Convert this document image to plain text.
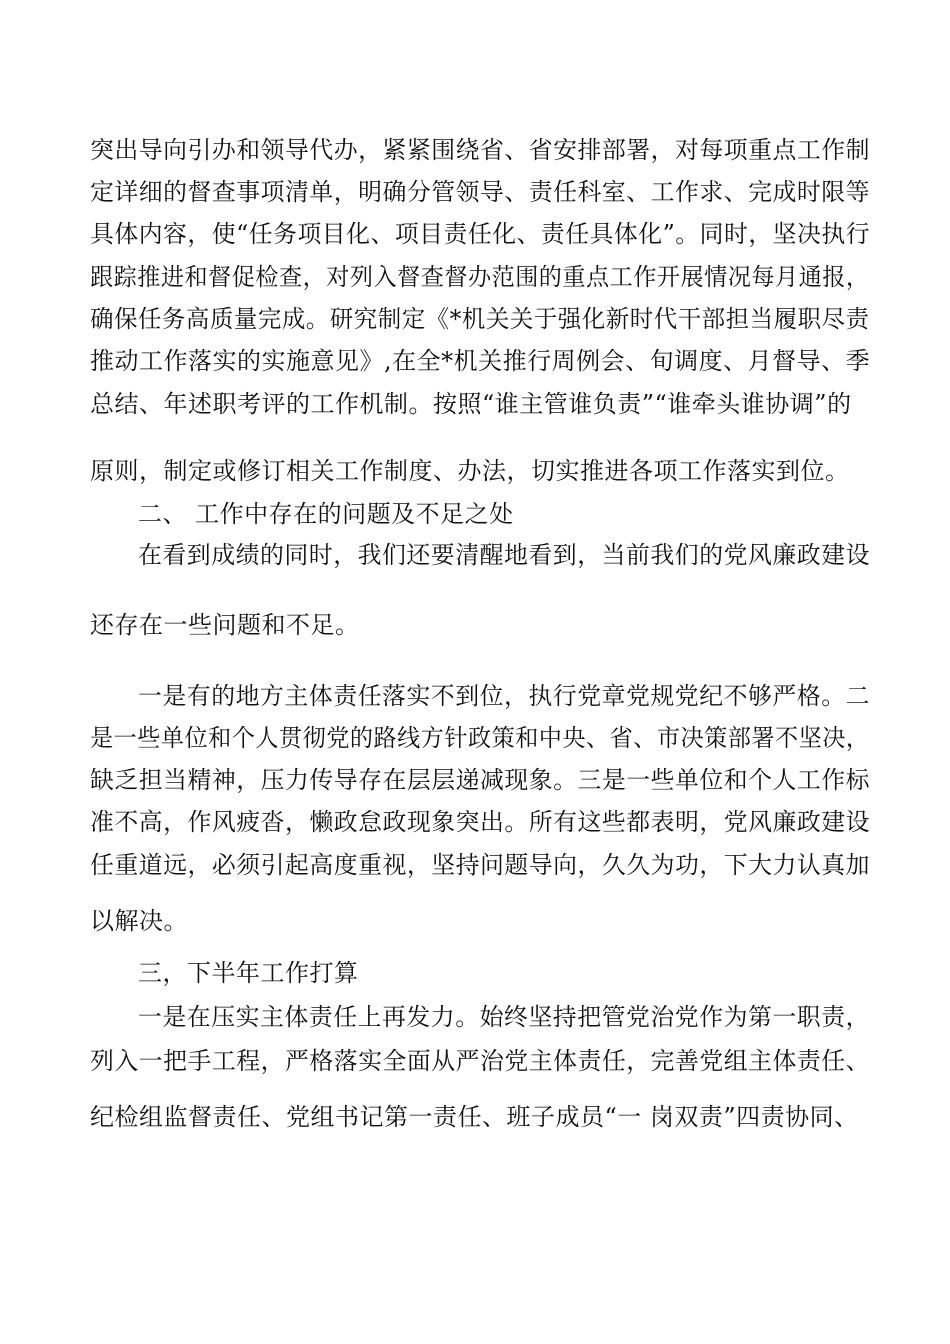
突出导向引办和领导代办，紧紧围绕省、省安排部署，对每项重点工作制
定详细的督查事项清单，明确分管领导、责任科室、工作求、完成时限等
具体内容，使“任务项目化、项目责任化、责任具体化”。同时，坚决执行
跟踪推进和督促检查，对列入督查督办范围的重点工作开展情况每月通报，
确保任务高质量完成。研究制定《*机关关于强化新时代干部担当履职尽责
推动工作落实的实施意见》,在全*机关推行周例会、旬调度、月督导、季
总结、年述职考评的工作机制。按照“谁主管谁负责”“谁牵头谁协调”的
原则，制定或修订相关工作制度、办法，切实推进各项工作落实到位。
二、 工作中存在的问题及不足之处
在看到成绩的同时，我们还要清醒地看到，当前我们的党风廉政建设
还存在一些问题和不足。
一是有的地方主体责任落实不到位，执行党章党规党纪不够严格。二
是一些单位和个人贯彻党的路线方针政策和中央、省、市决策部署不坚决，
缺乏担当精神，压力传导存在层层递减现象。三是一些单位和个人工作标
准不高，作风疲沓，懒政怠政现象突出。所有这些都表明，党风廉政建设
任重道远，必须引起高度重视，坚持问题导向，久久为功，下大力认真加
以解决。
三，下半年工作打算
一是在压实主体责任上再发力。始终坚持把管党治党作为第一职责，
列入一把手工程，严格落实全面从严治党主体责任，完善党组主体责任、
纪检组监督责任、党组书记第一责任、班子成员“一 岗双责”四责协同、
